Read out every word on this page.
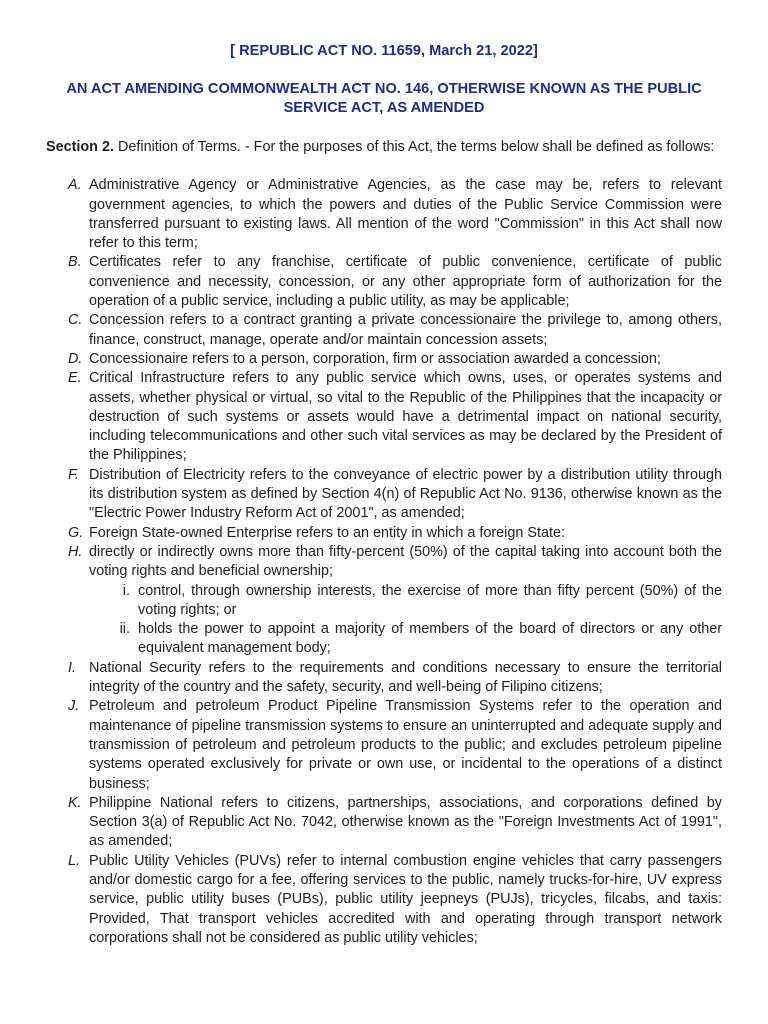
[ REPUBLIC ACT NO. 11659, March 21, 2022]

AN ACT AMENDING COMMONWEALTH ACT NO. 146, OTHERWISE KNOWN AS THE PUBLIC SERVICE ACT, AS AMENDED

Section 2. Definition of Terms. - For the purposes of this Act, the terms below shall be defined as follows:

A. Administrative Agency or Administrative Agencies, as the case may be, refers to relevant government agencies, to which the powers and duties of the Public Service Commission were transferred pursuant to existing laws. All mention of the word "Commission" in this Act shall now refer to this term;
B. Certificates refer to any franchise, certificate of public convenience, certificate of public convenience and necessity, concession, or any other appropriate form of authorization for the operation of a public service, including a public utility, as may be applicable;
C. Concession refers to a contract granting a private concessionaire the privilege to, among others, finance, construct, manage, operate and/or maintain concession assets;
D. Concessionaire refers to a person, corporation, firm or association awarded a concession;
E. Critical Infrastructure refers to any public service which owns, uses, or operates systems and assets, whether physical or virtual, so vital to the Republic of the Philippines that the incapacity or destruction of such systems or assets would have a detrimental impact on national security, including telecommunications and other such vital services as may be declared by the President of the Philippines;
F. Distribution of Electricity refers to the conveyance of electric power by a distribution utility through its distribution system as defined by Section 4(n) of Republic Act No. 9136, otherwise known as the "Electric Power Industry Reform Act of 2001", as amended;
G. Foreign State-owned Enterprise refers to an entity in which a foreign State:
H. directly or indirectly owns more than fifty-percent (50%) of the capital taking into account both the voting rights and beneficial ownership;
i. control, through ownership interests, the exercise of more than fifty percent (50%) of the voting rights; or
ii. holds the power to appoint a majority of members of the board of directors or any other equivalent management body;
I. National Security refers to the requirements and conditions necessary to ensure the territorial integrity of the country and the safety, security, and well-being of Filipino citizens;
J. Petroleum and petroleum Product Pipeline Transmission Systems refer to the operation and maintenance of pipeline transmission systems to ensure an uninterrupted and adequate supply and transmission of petroleum and petroleum products to the public; and excludes petroleum pipeline systems operated exclusively for private or own use, or incidental to the operations of a distinct business;
K. Philippine National refers to citizens, partnerships, associations, and corporations defined by Section 3(a) of Republic Act No. 7042, otherwise known as the "Foreign Investments Act of 1991", as amended;
L. Public Utility Vehicles (PUVs) refer to internal combustion engine vehicles that carry passengers and/or domestic cargo for a fee, offering services to the public, namely trucks-for-hire, UV express service, public utility buses (PUBs), public utility jeepneys (PUJs), tricycles, filcabs, and taxis: Provided, That transport vehicles accredited with and operating through transport network corporations shall not be considered as public utility vehicles;
